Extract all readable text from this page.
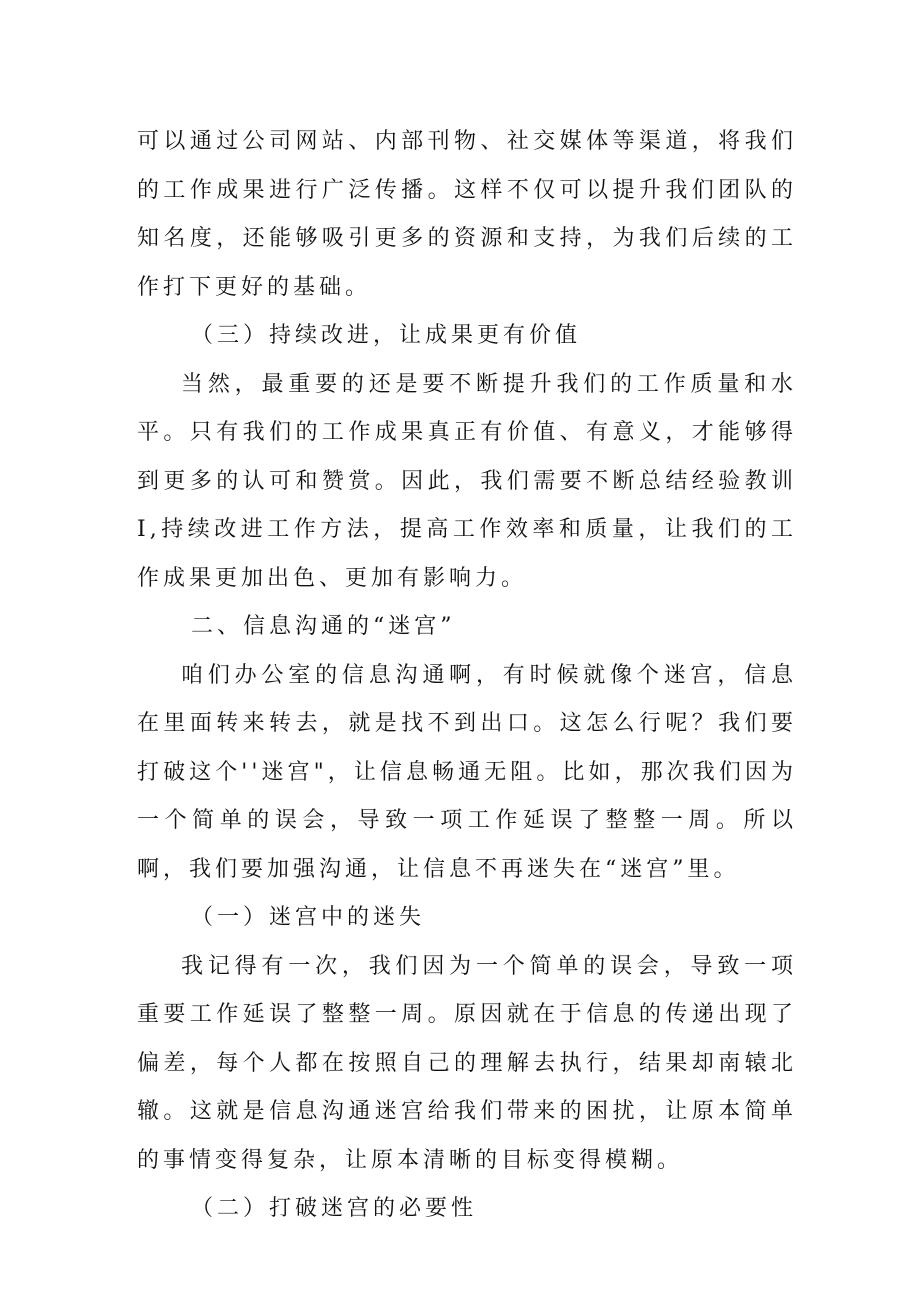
可以通过公司网站、内部刊物、社交媒体等渠道，将我们的工作成果进行广泛传播。这样不仅可以提升我们团队的知名度，还能够吸引更多的资源和支持，为我们后续的工作打下更好的基础。

（三）持续改进，让成果更有价值

当然，最重要的还是要不断提升我们的工作质量和水平。只有我们的工作成果真正有价值、有意义，才能够得到更多的认可和赞赏。因此，我们需要不断总结经验教训I,持续改进工作方法，提高工作效率和质量，让我们的工作成果更加出色、更加有影响力。

二、信息沟通的“迷宫”

咱们办公室的信息沟通啊，有时候就像个迷宫，信息在里面转来转去，就是找不到出口。这怎么行呢？我们要打破这个''迷宫"，让信息畅通无阻。比如，那次我们因为一个简单的误会，导致一项工作延误了整整一周。所以啊，我们要加强沟通，让信息不再迷失在“迷宫”里。

（一）迷宫中的迷失

我记得有一次，我们因为一个简单的误会，导致一项重要工作延误了整整一周。原因就在于信息的传递出现了偏差，每个人都在按照自己的理解去执行，结果却南辕北辙。这就是信息沟通迷宫给我们带来的困扰，让原本简单的事情变得复杂，让原本清晰的目标变得模糊。

（二）打破迷宫的必要性
